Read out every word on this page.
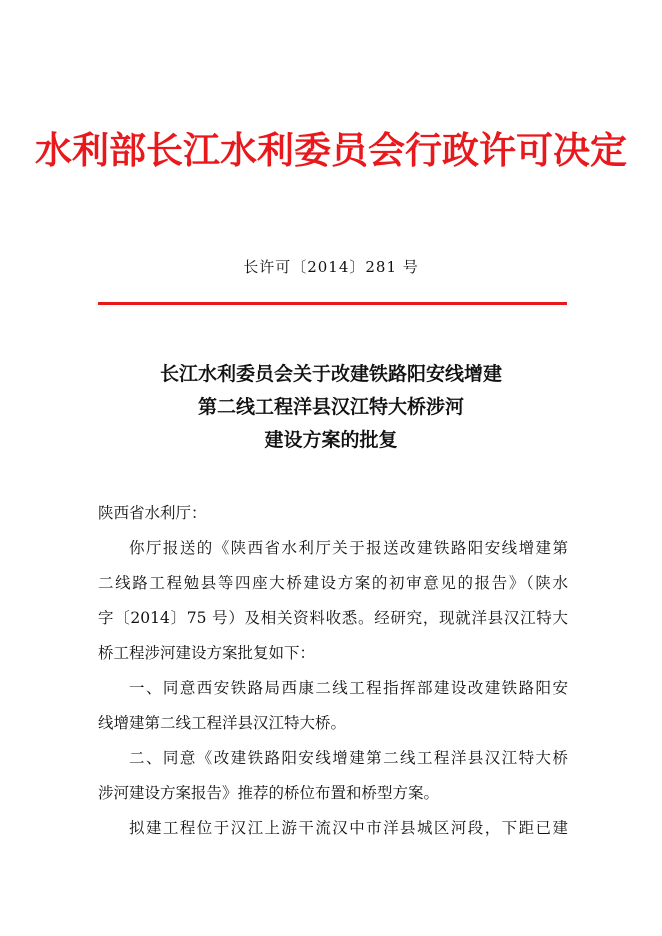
水利部长江水利委员会行政许可决定
长许可〔2014〕281 号
长江水利委员会关于改建铁路阳安线增建
第二线工程洋县汉江特大桥涉河
建设方案的批复
陕西省水利厅：
你厅报送的《陕西省水利厅关于报送改建铁路阳安线增建第
二线路工程勉县等四座大桥建设方案的初审意见的报告》（陕水
字〔2014〕75 号）及相关资料收悉。经研究，现就洋县汉江特大
桥工程涉河建设方案批复如下：
一、同意西安铁路局西康二线工程指挥部建设改建铁路阳安
线增建第二线工程洋县汉江特大桥。
二、同意《改建铁路阳安线增建第二线工程洋县汉江特大桥
涉河建设方案报告》推荐的桥位布置和桥型方案。
拟建工程位于汉江上游干流汉中市洋县城区河段，下距已建
